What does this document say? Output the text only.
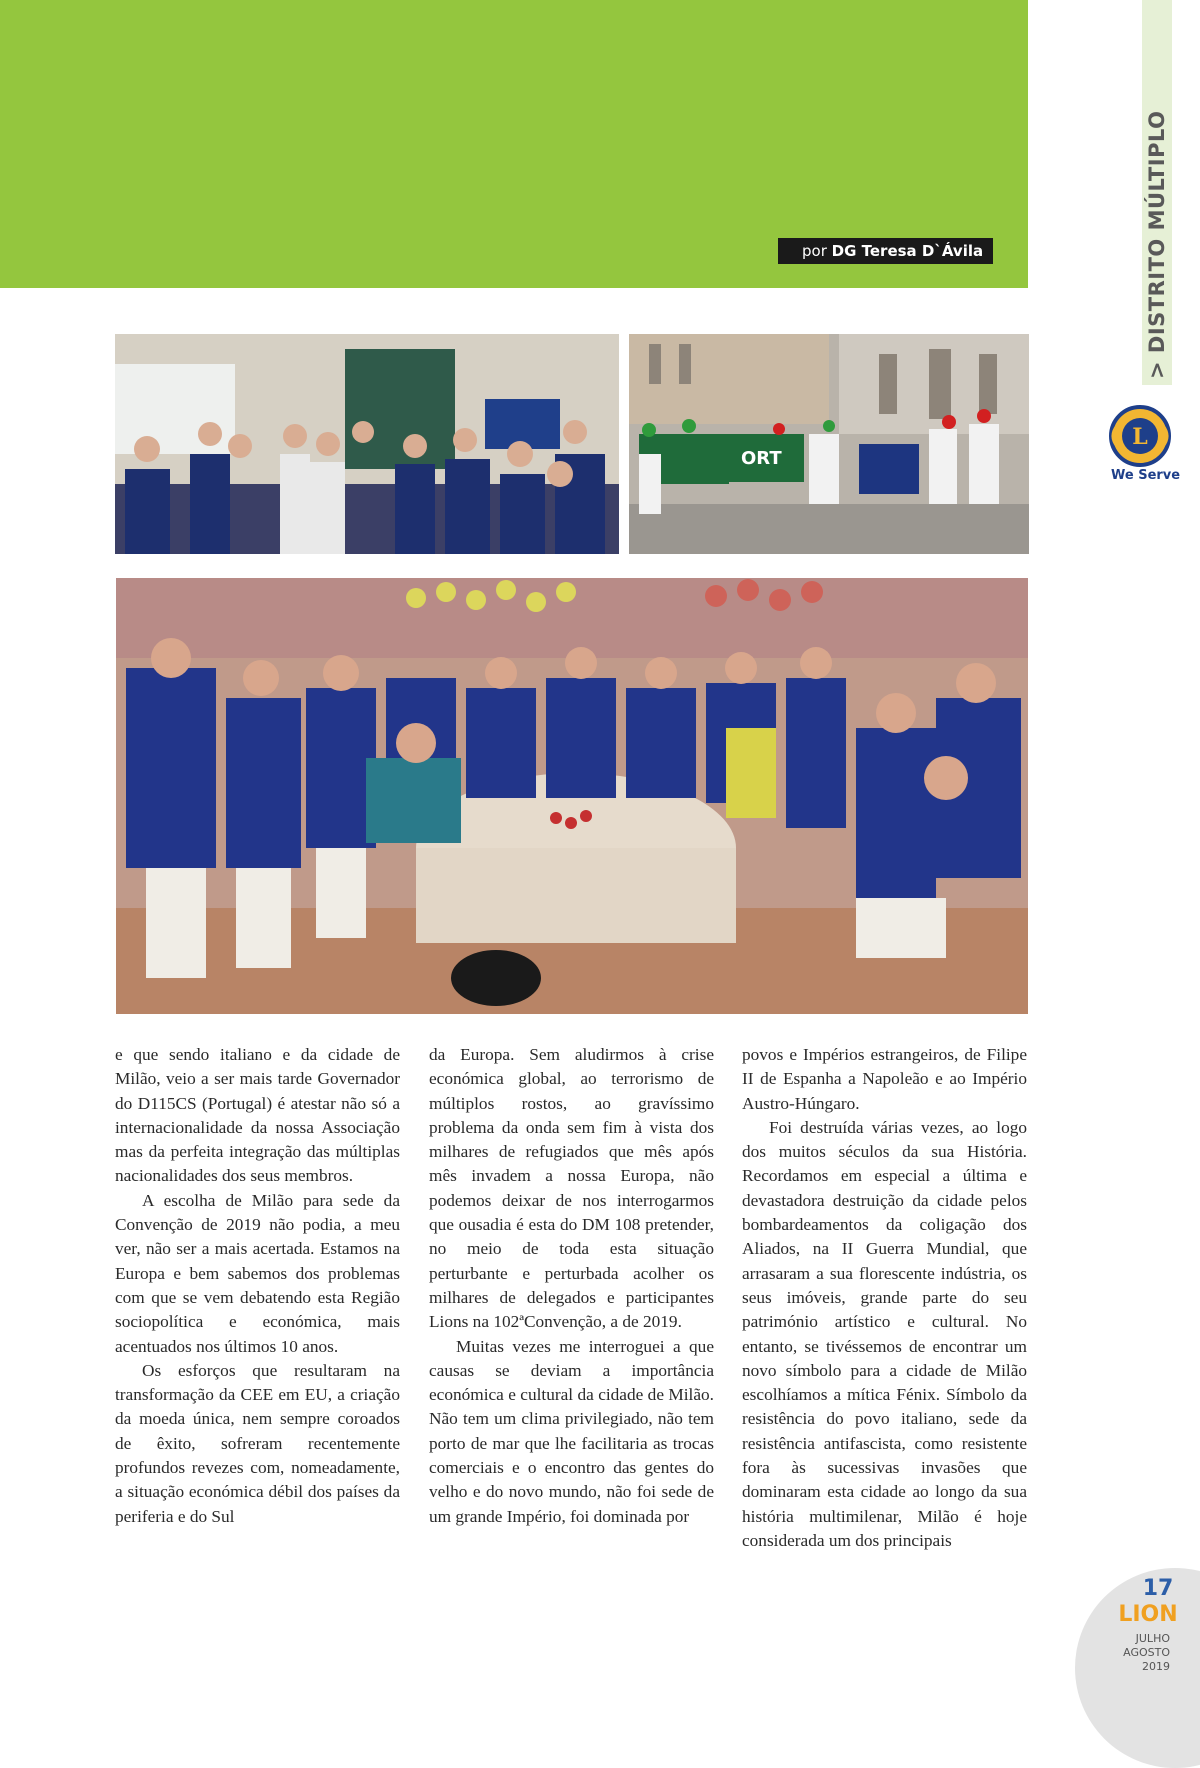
por DG Teresa D`Ávila	> DISTRITO MÚLTIPLO
L
We Serve
ORT

e que sendo italiano e da cidade de Milão, veio a ser mais tarde Governador do D115CS (Portugal) é atestar não só a internacionalidade da nossa Associação mas da perfeita integração das múltiplas nacionalidades dos seus membros.

A escolha de Milão para sede da Convenção de 2019 não podia, a meu ver, não ser a mais acertada. Estamos na Europa e bem sabemos dos problemas com que se vem debatendo esta Região sociopolítica e económica, mais acentuados nos últimos 10 anos.

Os esforços que resultaram na transformação da CEE em EU, a criação da moeda única, nem sempre coroados de êxito, sofreram recentemente profundos revezes com, nomeadamente, a situação económica débil dos países da periferia e do Sul

da Europa. Sem aludirmos à crise económica global, ao terrorismo de múltiplos rostos, ao gravíssimo problema da onda sem fim à vista dos milhares de refugiados que mês após mês invadem a nossa Europa, não podemos deixar de nos interrogarmos que ousadia é esta do DM 108 pretender, no meio de toda esta situação perturbante e perturbada acolher os milhares de delegados e participantes Lions na 102ªConvenção, a de 2019.

Muitas vezes me interroguei a que causas se deviam a importância económica e cultural da cidade de Milão. Não tem um clima privilegiado, não tem porto de mar que lhe facilitaria as trocas comerciais e o encontro das gentes do velho e do novo mundo, não foi sede de um grande Império, foi dominada por

povos e Impérios estrangeiros, de Filipe II de Espanha a Napoleão e ao Império Austro-Húngaro.

Foi destruída várias vezes, ao logo dos muitos séculos da sua História. Recordamos em especial a última e devastadora destruição da cidade pelos bombardeamentos da coligação dos Aliados, na II Guerra Mundial, que arrasaram a sua florescente indústria, os seus imóveis, grande parte do seu património artístico e cultural. No entanto, se tivéssemos de encontrar um novo símbolo para a cidade de Milão escolhíamos a mítica Fénix. Símbolo da resistência do povo italiano, sede da resistência antifascista, como resistente fora às sucessivas invasões que dominaram esta cidade ao longo da sua história multimilenar, Milão é hoje considerada um dos principais

17
LION
JULHO
AGOSTO
2019
